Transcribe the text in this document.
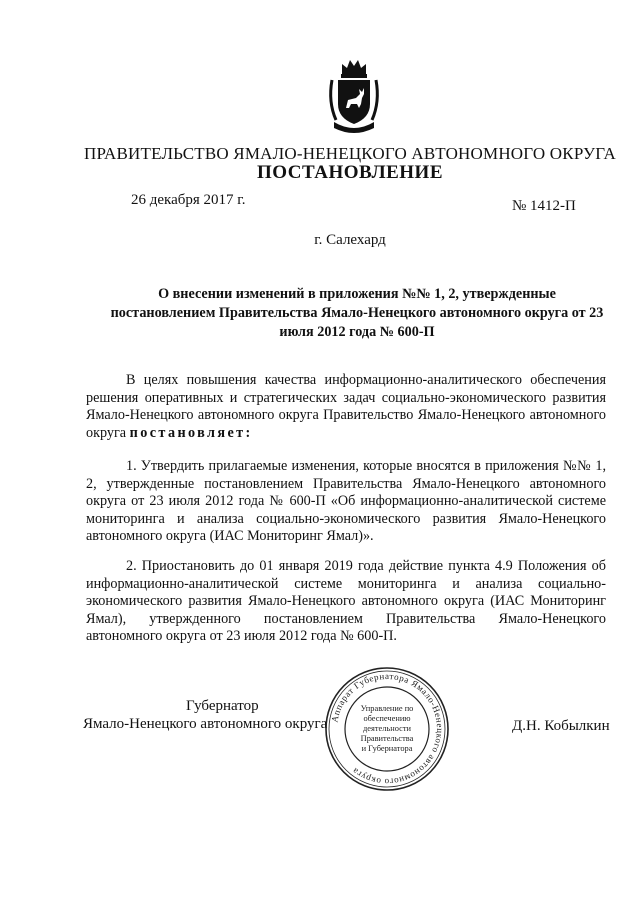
ПРАВИТЕЛЬСТВО ЯМАЛО-НЕНЕЦКОГО АВТОНОМНОГО ОКРУГА
ПОСТАНОВЛЕНИЕ
26 декабря 2017 г.	№ 1412-П
г. Салехард
О внесении изменений в приложения №№ 1, 2, утвержденные постановлением Правительства Ямало-Ненецкого автономного округа от 23 июля 2012 года № 600-П

В целях повышения качества информационно-аналитического обеспечения решения оперативных и стратегических задач социально-экономического развития Ямало-Ненецкого автономного округа Правительство Ямало-Ненецкого автономного округа постановляет:

1. Утвердить прилагаемые изменения, которые вносятся в приложения №№ 1, 2, утвержденные постановлением Правительства Ямало-Ненецкого автономного округа от 23 июля 2012 года № 600-П «Об информационно-аналитической системе мониторинга и анализа социально-экономического развития Ямало-Ненецкого автономного округа (ИАС Мониторинг Ямал)».

2. Приостановить до 01 января 2019 года действие пункта 4.9 Положения об информационно-аналитической системе мониторинга и анализа социально-экономического развития Ямало-Ненецкого автономного округа (ИАС Мониторинг Ямал), утвержденного постановлением Правительства Ямало-Ненецкого автономного округа от 23 июля 2012 года № 600-П.

Губернатор
Ямало-Ненецкого автономного округа	Д.Н. Кобылкин
Аппарат Губернатора Ямало-Ненецкого автономного округа
Управление по
обеспечению
деятельности
Правительства
и Губернатора
